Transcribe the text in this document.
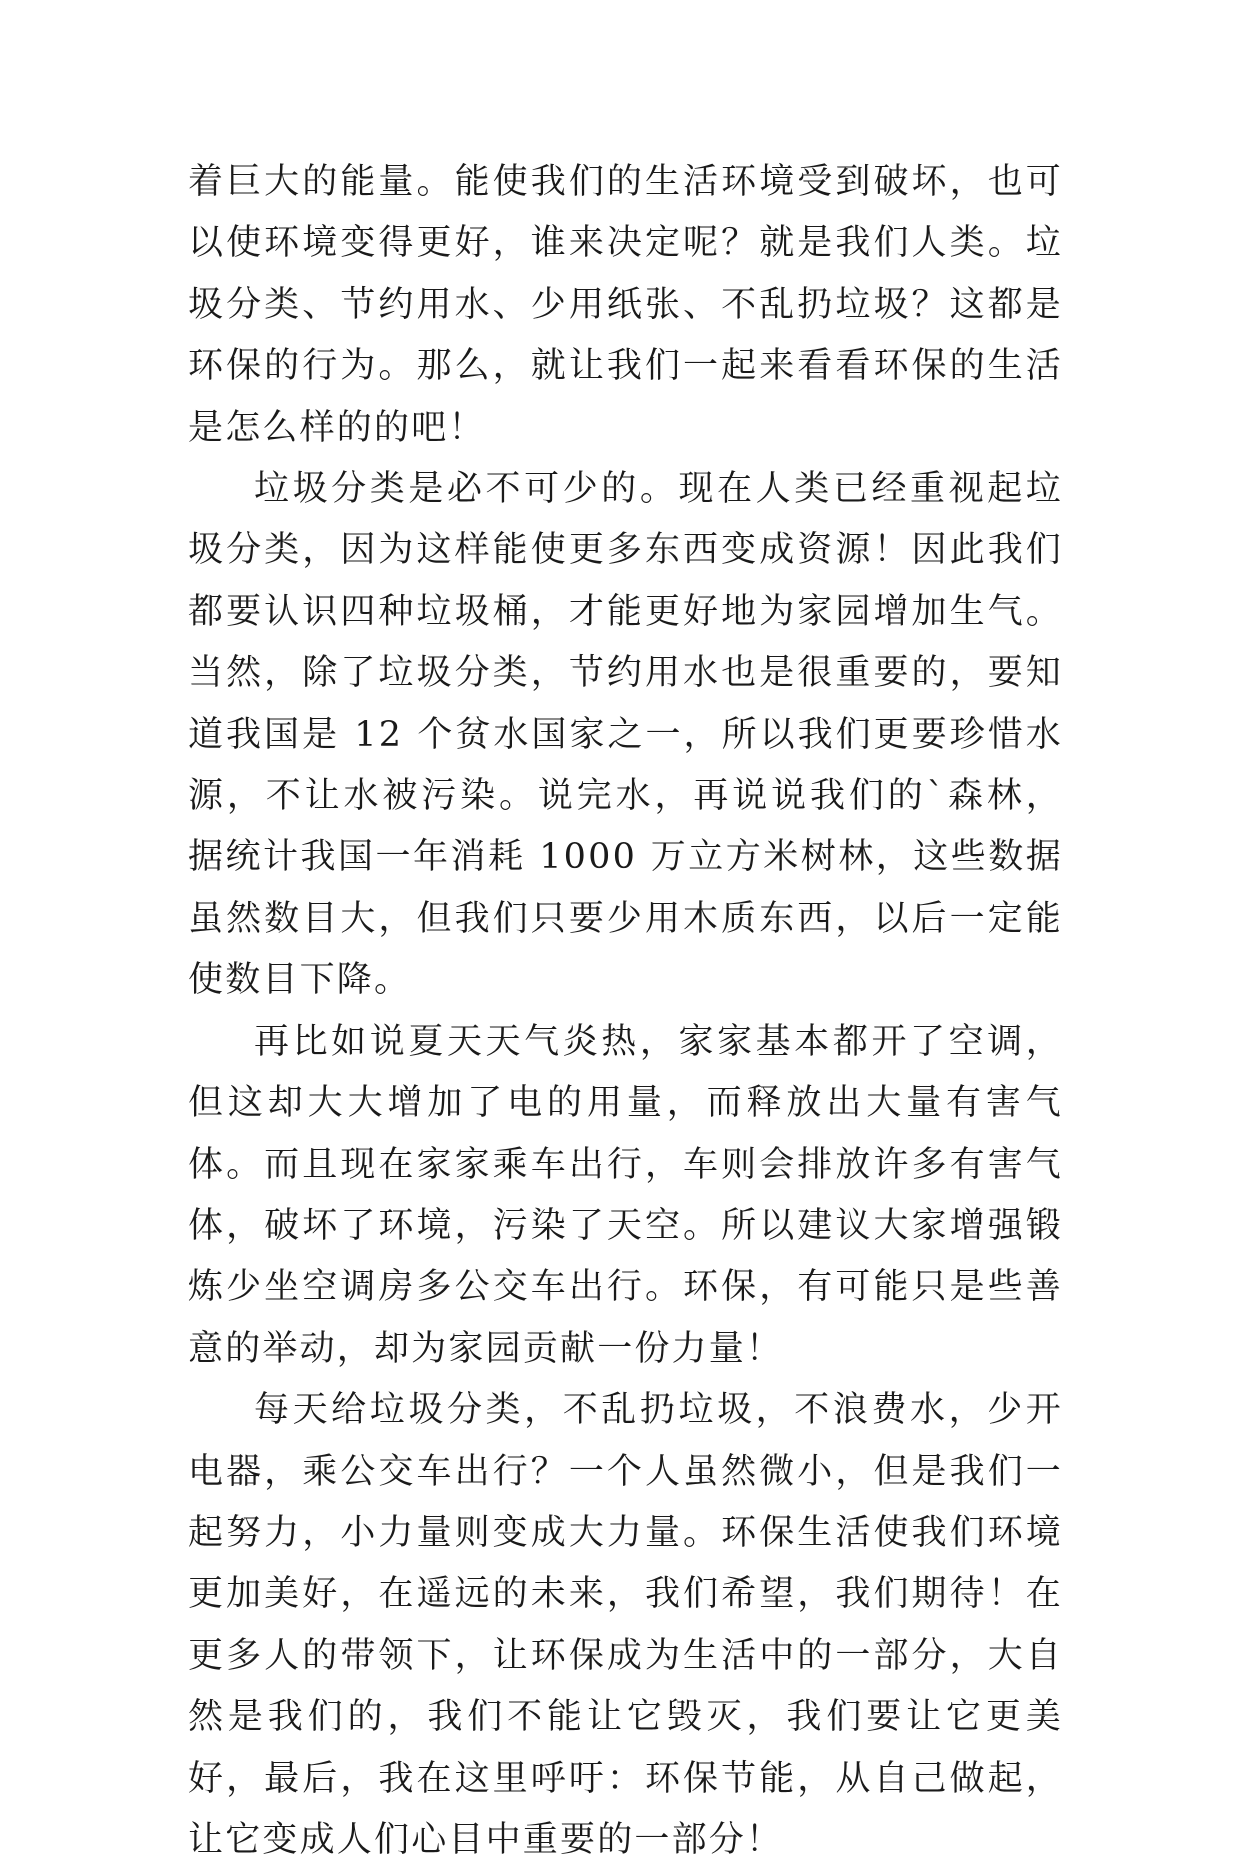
着巨大的能量。能使我们的生活环境受到破坏，也可以使环境变得更好，谁来决定呢？就是我们人类。垃圾分类、节约用水、少用纸张、不乱扔垃圾？这都是环保的行为。那么，就让我们一起来看看环保的生活是怎么样的的吧！

垃圾分类是必不可少的。现在人类已经重视起垃圾分类，因为这样能使更多东西变成资源！因此我们都要认识四种垃圾桶，才能更好地为家园增加生气。当然，除了垃圾分类，节约用水也是很重要的，要知道我国是 12 个贫水国家之一，所以我们更要珍惜水源，不让水被污染。说完水，再说说我们的`森林，据统计我国一年消耗 1000 万立方米树林，这些数据虽然数目大，但我们只要少用木质东西，以后一定能使数目下降。

再比如说夏天天气炎热，家家基本都开了空调，但这却大大增加了电的用量，而释放出大量有害气体。而且现在家家乘车出行，车则会排放许多有害气体，破坏了环境，污染了天空。所以建议大家增强锻炼少坐空调房多公交车出行。环保，有可能只是些善意的举动，却为家园贡献一份力量！

每天给垃圾分类，不乱扔垃圾，不浪费水，少开电器，乘公交车出行？一个人虽然微小，但是我们一起努力，小力量则变成大力量。环保生活使我们环境更加美好，在遥远的未来，我们希望，我们期待！在更多人的带领下，让环保成为生活中的一部分，大自然是我们的，我们不能让它毁灭，我们要让它更美好，最后，我在这里呼吁：环保节能，从自己做起，让它变成人们心目中重要的一部分！
